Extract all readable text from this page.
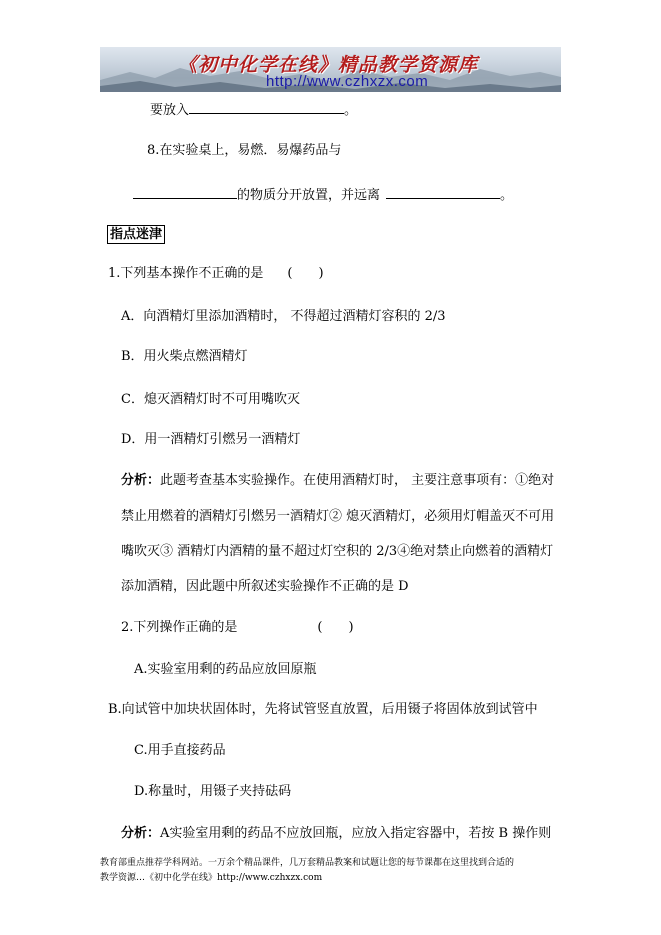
《初中化学在线》精品教学资源库
http://www.czhxzx.com
要放入	。
8.在实验桌上，易燃．易爆药品与
的物质分开放置，并远离	。
指点迷津
1.下列基本操作不正确的是 (　　)
A．向酒精灯里添加酒精时， 不得超过酒精灯容积的 2/3
B．用火柴点燃酒精灯
C．熄灭酒精灯时不可用嘴吹灭
D．用一酒精灯引燃另一酒精灯
分析：此题考查基本实验操作。在使用酒精灯时， 主要注意事项有：①绝对
禁止用燃着的酒精灯引燃另一酒精灯② 熄灭酒精灯，必须用灯帽盖灭不可用
嘴吹灭③ 酒精灯内酒精的量不超过灯空积的 2/3④绝对禁止向燃着的酒精灯
添加酒精，因此题中所叙述实验操作不正确的是 D
2.下列操作正确的是	(　　)
A.实验室用剩的药品应放回原瓶
B.向试管中加块状固体时，先将试管竖直放置，后用镊子将固体放到试管中
C.用手直接药品
D.称量时，用镊子夹持砝码
分析：A实验室用剩的药品不应放回瓶，应放入指定容器中，若按 B 操作则
教育部重点推荐学科网站。一万余个精品课件，几万套精品教案和试题让您的每节课都在这里找到合适的
教学资源…《初中化学在线》http://www.czhxzx.com
